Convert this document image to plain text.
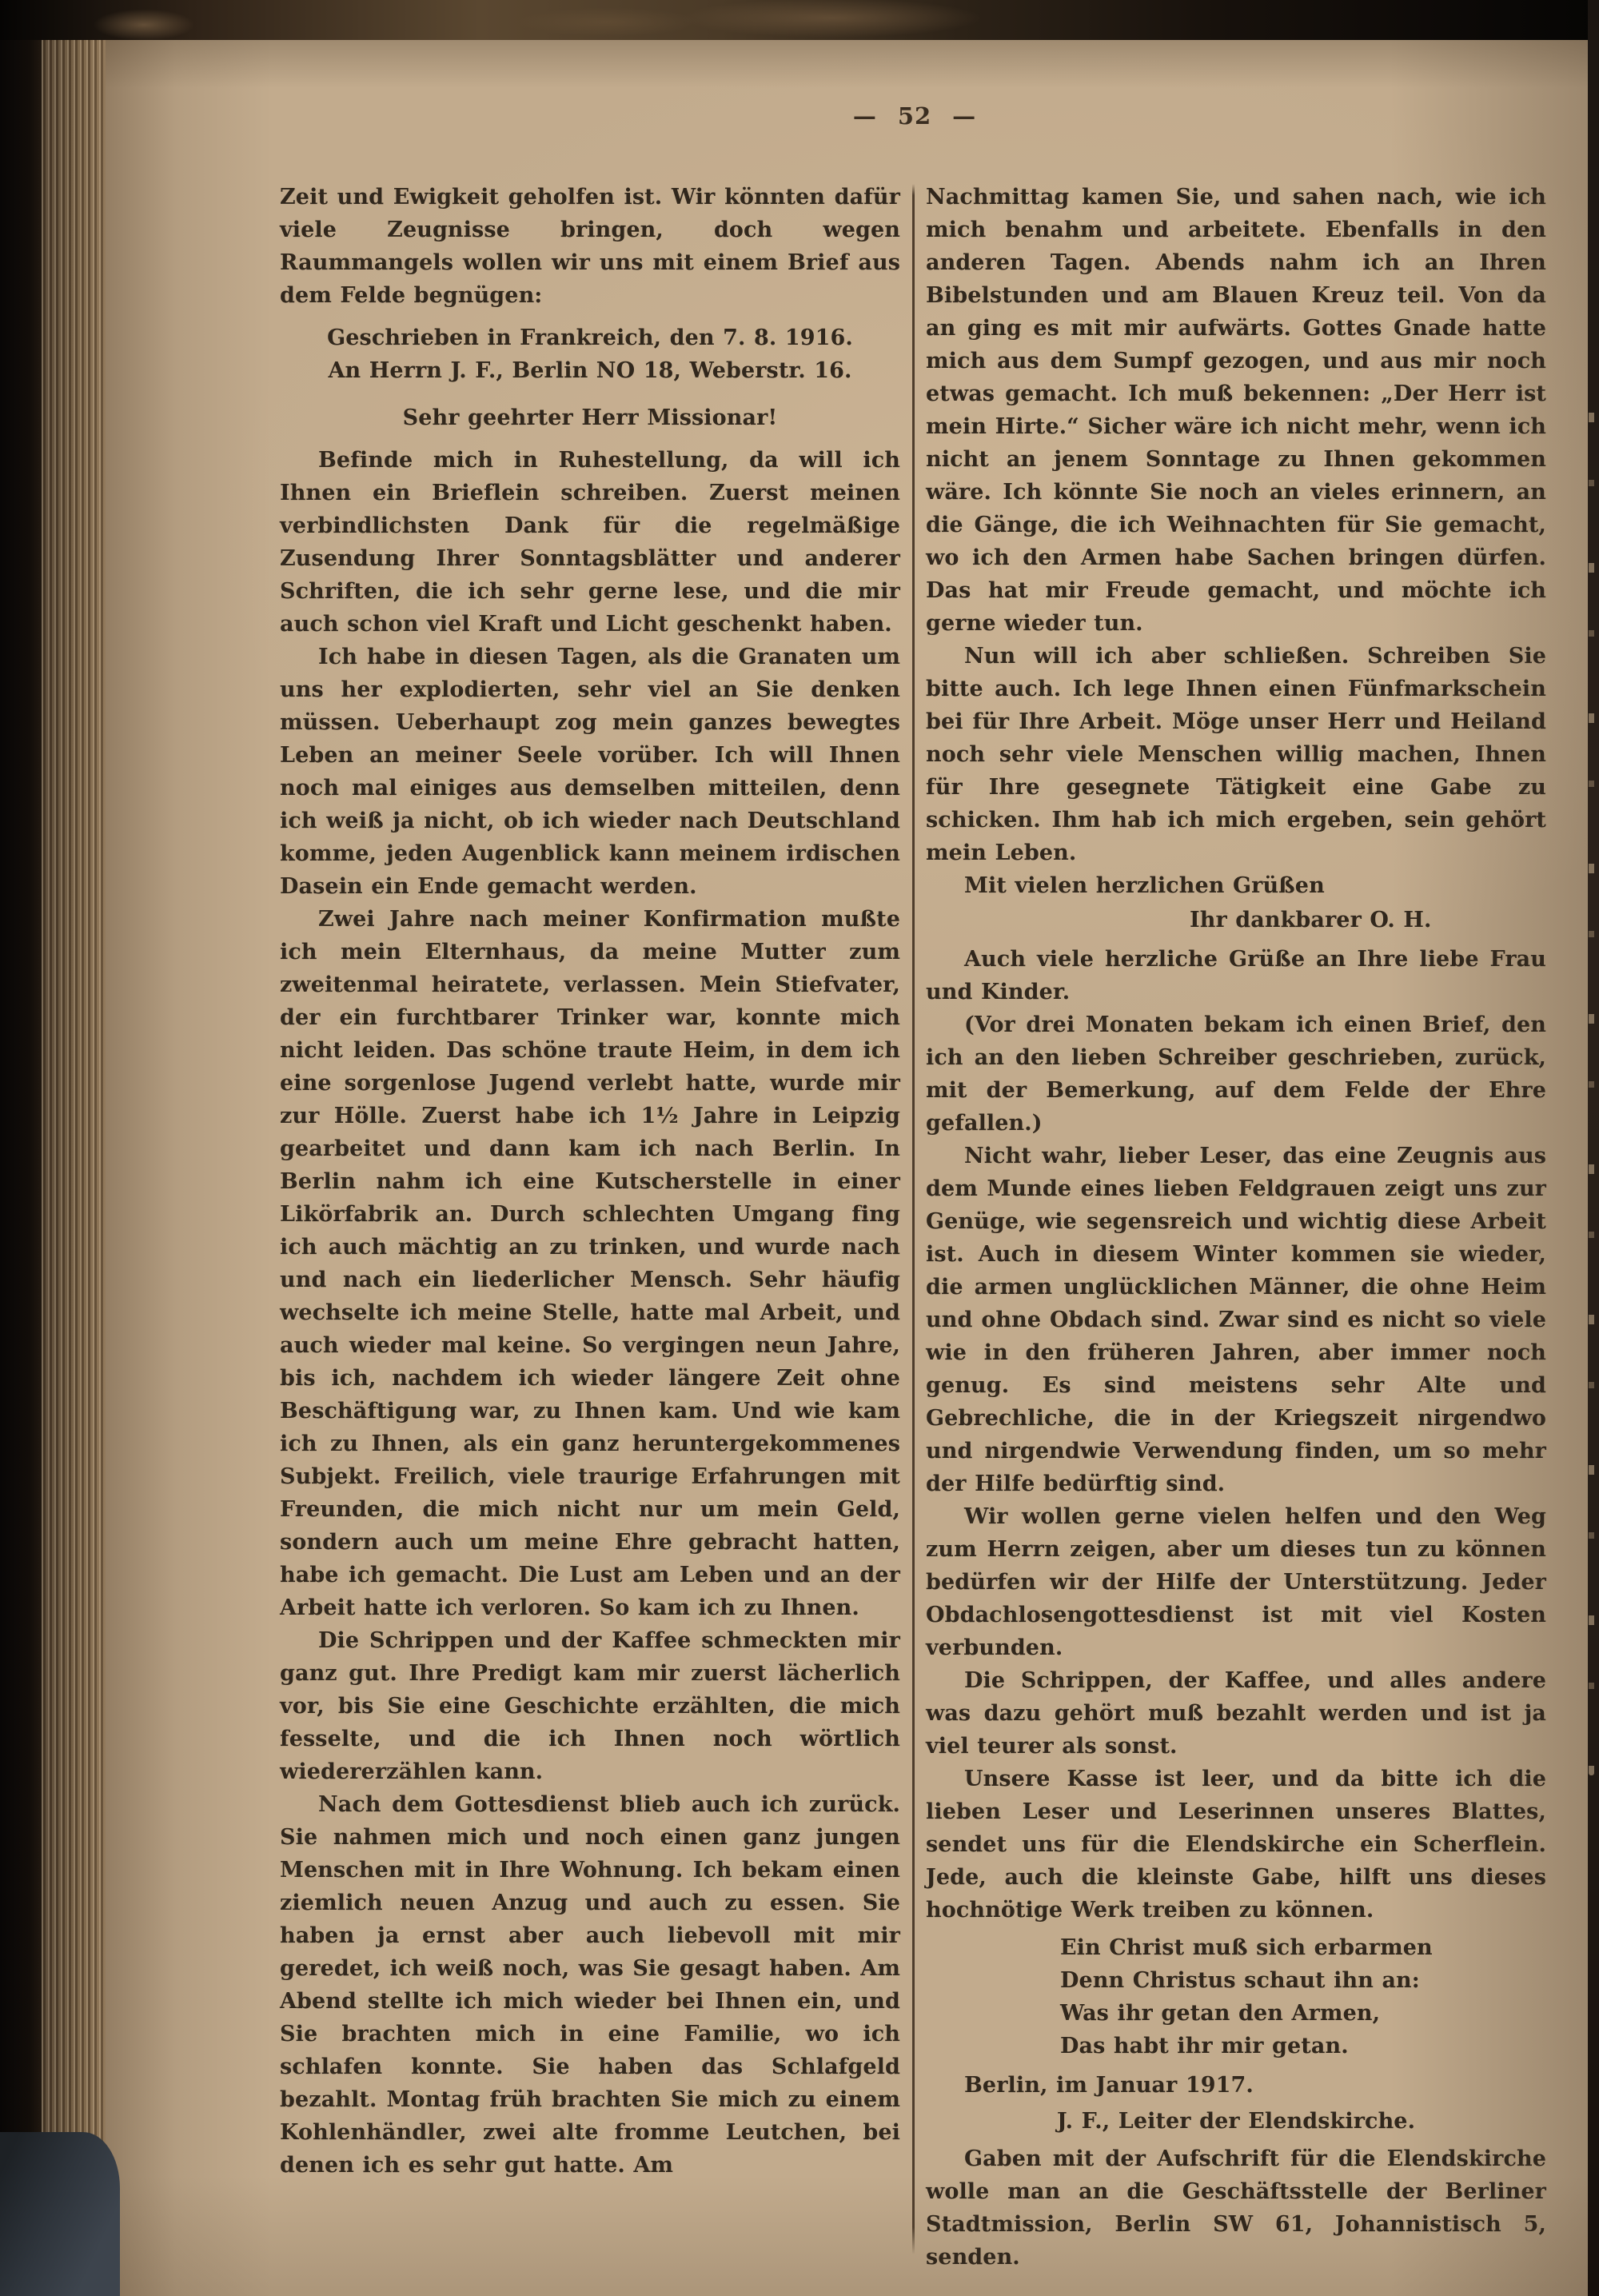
— 52 —

Zeit und Ewigkeit geholfen ist. Wir könnten dafür viele Zeugnisse bringen, doch wegen Raummangels wollen wir uns mit einem Brief aus dem Felde begnügen:

Geschrieben in Frankreich, den 7. 8. 1916.

An Herrn J. F., Berlin NO 18, Weberstr. 16.

Sehr geehrter Herr Missionar!

Befinde mich in Ruhestellung, da will ich Ihnen ein Brieflein schreiben. Zuerst meinen verbindlichsten Dank für die regelmäßige Zusendung Ihrer Sonntagsblätter und anderer Schriften, die ich sehr gerne lese, und die mir auch schon viel Kraft und Licht geschenkt haben.

Ich habe in diesen Tagen, als die Granaten um uns her explodierten, sehr viel an Sie denken müssen. Ueberhaupt zog mein ganzes bewegtes Leben an meiner Seele vorüber. Ich will Ihnen noch mal einiges aus demselben mitteilen, denn ich weiß ja nicht, ob ich wieder nach Deutschland komme, jeden Augenblick kann meinem irdischen Dasein ein Ende gemacht werden.

Zwei Jahre nach meiner Konfirmation mußte ich mein Elternhaus, da meine Mutter zum zweitenmal heiratete, verlassen. Mein Stiefvater, der ein furchtbarer Trinker war, konnte mich nicht leiden. Das schöne traute Heim, in dem ich eine sorgenlose Jugend verlebt hatte, wurde mir zur Hölle. Zuerst habe ich 1½ Jahre in Leipzig gearbeitet und dann kam ich nach Berlin. In Berlin nahm ich eine Kutscherstelle in einer Likörfabrik an. Durch schlechten Umgang fing ich auch mächtig an zu trinken, und wurde nach und nach ein liederlicher Mensch. Sehr häufig wechselte ich meine Stelle, hatte mal Arbeit, und auch wieder mal keine. So vergingen neun Jahre, bis ich, nachdem ich wieder längere Zeit ohne Beschäftigung war, zu Ihnen kam. Und wie kam ich zu Ihnen, als ein ganz heruntergekommenes Subjekt. Freilich, viele traurige Erfahrungen mit Freunden, die mich nicht nur um mein Geld, sondern auch um meine Ehre gebracht hatten, habe ich gemacht. Die Lust am Leben und an der Arbeit hatte ich verloren. So kam ich zu Ihnen.

Die Schrippen und der Kaffee schmeckten mir ganz gut. Ihre Predigt kam mir zuerst lächerlich vor, bis Sie eine Geschichte erzählten, die mich fesselte, und die ich Ihnen noch wörtlich wiedererzählen kann.

Nach dem Gottesdienst blieb auch ich zurück. Sie nahmen mich und noch einen ganz jungen Menschen mit in Ihre Wohnung. Ich bekam einen ziemlich neuen Anzug und auch zu essen. Sie haben ja ernst aber auch liebevoll mit mir geredet, ich weiß noch, was Sie gesagt haben. Am Abend stellte ich mich wieder bei Ihnen ein, und Sie brachten mich in eine Familie, wo ich schlafen konnte. Sie haben das Schlafgeld bezahlt. Montag früh brachten Sie mich zu einem Kohlenhändler, zwei alte fromme Leutchen, bei denen ich es sehr gut hatte. Am

Nachmittag kamen Sie, und sahen nach, wie ich mich benahm und arbeitete. Ebenfalls in den anderen Tagen. Abends nahm ich an Ihren Bibelstunden und am Blauen Kreuz teil. Von da an ging es mit mir aufwärts. Gottes Gnade hatte mich aus dem Sumpf gezogen, und aus mir noch etwas gemacht. Ich muß bekennen: „Der Herr ist mein Hirte.“ Sicher wäre ich nicht mehr, wenn ich nicht an jenem Sonntage zu Ihnen gekommen wäre. Ich könnte Sie noch an vieles erinnern, an die Gänge, die ich Weihnachten für Sie gemacht, wo ich den Armen habe Sachen bringen dürfen. Das hat mir Freude gemacht, und möchte ich gerne wieder tun.

Nun will ich aber schließen. Schreiben Sie bitte auch. Ich lege Ihnen einen Fünfmarkschein bei für Ihre Arbeit. Möge unser Herr und Heiland noch sehr viele Menschen willig machen, Ihnen für Ihre gesegnete Tätigkeit eine Gabe zu schicken. Ihm hab ich mich ergeben, sein gehört mein Leben.

Mit vielen herzlichen Grüßen

Ihr dankbarer O. H.

Auch viele herzliche Grüße an Ihre liebe Frau und Kinder.

(Vor drei Monaten bekam ich einen Brief, den ich an den lieben Schreiber geschrieben, zurück, mit der Bemerkung, auf dem Felde der Ehre gefallen.)

Nicht wahr, lieber Leser, das eine Zeugnis aus dem Munde eines lieben Feldgrauen zeigt uns zur Genüge, wie segensreich und wichtig diese Arbeit ist. Auch in diesem Winter kommen sie wieder, die armen unglücklichen Männer, die ohne Heim und ohne Obdach sind. Zwar sind es nicht so viele wie in den früheren Jahren, aber immer noch genug. Es sind meistens sehr Alte und Gebrechliche, die in der Kriegszeit nirgendwo und nirgendwie Verwendung finden, um so mehr der Hilfe bedürftig sind.

Wir wollen gerne vielen helfen und den Weg zum Herrn zeigen, aber um dieses tun zu können bedürfen wir der Hilfe der Unterstützung. Jeder Obdachlosengottesdienst ist mit viel Kosten verbunden.

Die Schrippen, der Kaffee, und alles andere was dazu gehört muß bezahlt werden und ist ja viel teurer als sonst.

Unsere Kasse ist leer, und da bitte ich die lieben Leser und Leserinnen unseres Blattes, sendet uns für die Elendskirche ein Scherflein. Jede, auch die kleinste Gabe, hilft uns dieses hochnötige Werk treiben zu können.

Ein Christ muß sich erbarmen
Denn Christus schaut ihn an:
Was ihr getan den Armen,
Das habt ihr mir getan.

Berlin, im Januar 1917.

J. F., Leiter der Elendskirche.

Gaben mit der Aufschrift für die Elendskirche wolle man an die Geschäftsstelle der Berliner Stadtmission, Berlin SW 61, Johannistisch 5, senden.
